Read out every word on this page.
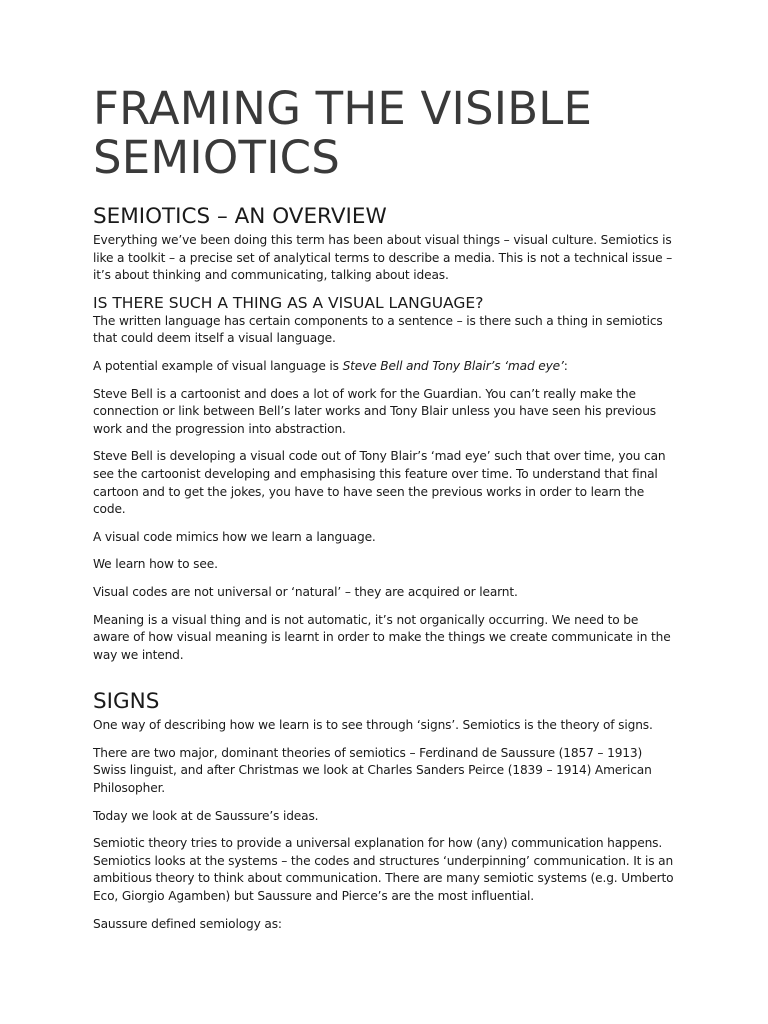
FRAMING THE VISIBLE
SEMIOTICS
SEMIOTICS – AN OVERVIEW

Everything we’ve been doing this term has been about visual things – visual culture. Semiotics is like a toolkit – a precise set of analytical terms to describe a media. This is not a technical issue – it’s about thinking and communicating, talking about ideas.

IS THERE SUCH A THING AS A VISUAL LANGUAGE?

The written language has certain components to a sentence – is there such a thing in semiotics that could deem itself a visual language.

A potential example of visual language is Steve Bell and Tony Blair’s ‘mad eye’:

Steve Bell is a cartoonist and does a lot of work for the Guardian. You can’t really make the connection or link between Bell’s later works and Tony Blair unless you have seen his previous work and the progression into abstraction.

Steve Bell is developing a visual code out of Tony Blair’s ‘mad eye’ such that over time, you can see the cartoonist developing and emphasising this feature over time. To understand that final cartoon and to get the jokes, you have to have seen the previous works in order to learn the code.

A visual code mimics how we learn a language.

We learn how to see.

Visual codes are not universal or ‘natural’ – they are acquired or learnt.

Meaning is a visual thing and is not automatic, it’s not organically occurring. We need to be aware of how visual meaning is learnt in order to make the things we create communicate in the way we intend.

SIGNS

One way of describing how we learn is to see through ‘signs’. Semiotics is the theory of signs.

There are two major, dominant theories of semiotics – Ferdinand de Saussure (1857 – 1913) Swiss linguist, and after Christmas we look at Charles Sanders Peirce (1839 – 1914) American Philosopher.

Today we look at de Saussure’s ideas.

Semiotic theory tries to provide a universal explanation for how (any) communication happens. Semiotics looks at the systems – the codes and structures ‘underpinning’ communication. It is an ambitious theory to think about communication. There are many semiotic systems (e.g. Umberto Eco, Giorgio Agamben) but Saussure and Pierce’s are the most influential.

Saussure defined semiology as:
